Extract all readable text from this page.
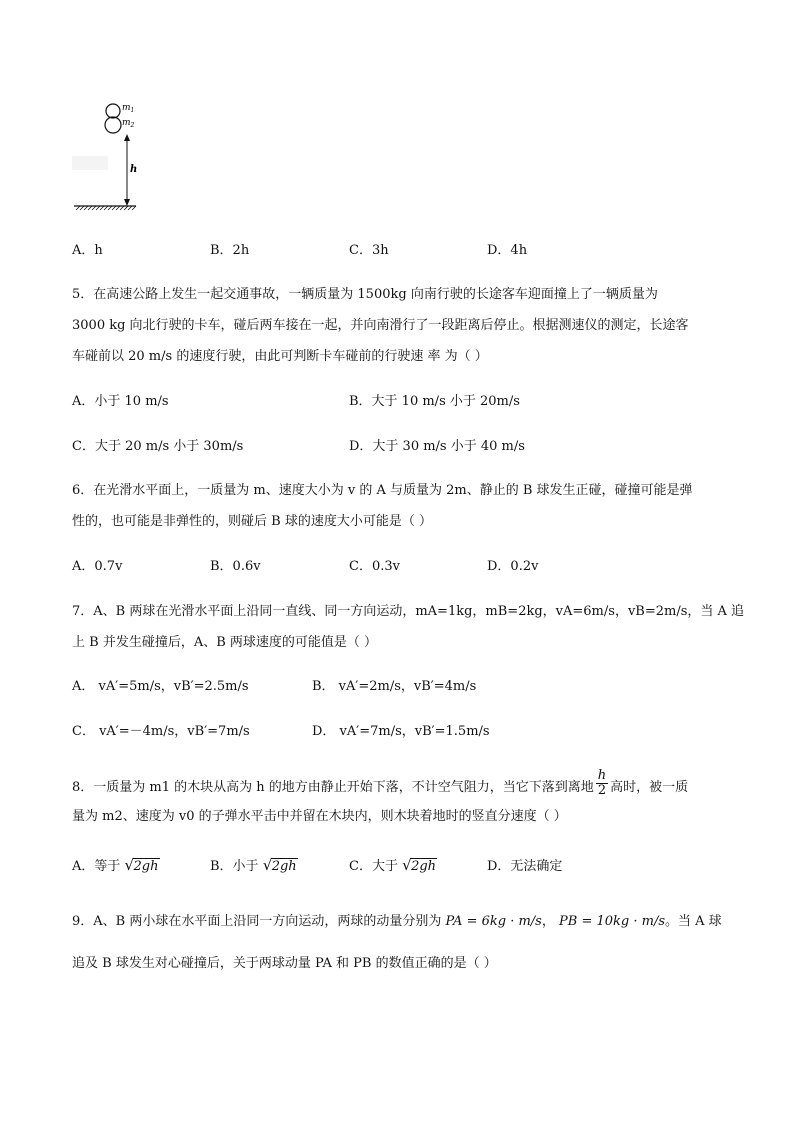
$m_1$
$m_2$
h
A．h	B．2h	C．3h	D．4h
5．在高速公路上发生一起交通事故，一辆质量为 1500kg 向南行驶的长途客车迎面撞上了一辆质量为
3000 kg 向北行驶的卡车，碰后两车接在一起，并向南滑行了一段距离后停止。根据测速仪的测定，长途客
车碰前以 20 m/s 的速度行驶，由此可判断卡车碰前的行驶速 率 为（ ）
A．小于 10 m/s	B．大于 10 m/s 小于 20m/s
C．大于 20 m/s 小于 30m/s	D．大于 30 m/s 小于 40 m/s
6．在光滑水平面上，一质量为 m、速度大小为 v 的 A 与质量为 2m、静止的 B 球发生正碰，碰撞可能是弹
性的，也可能是非弹性的，则碰后 B 球的速度大小可能是（ ）
A．0.7v	B．0.6v	C．0.3v	D．0.2v
7．A、B 两球在光滑水平面上沿同一直线、同一方向运动，mA=1kg，mB=2kg，vA=6m/s，vB=2m/s，当 A 追
上 B 并发生碰撞后，A、B 两球速度的可能值是（ ）
A． vA′=5m/s，vB′=2.5m/s	B． vA′=2m/s，vB′=4m/s
C． vA′=－4m/s，vB′=7m/s	D． vA′=7m/s，vB′=1.5m/s
8．一质量为 m1 的木块从高为 h 的地方由静止开始下落，不计空气阻力，当它下落到离地 $\frac{h}{2}$ 高时，被一质
量为 m2、速度为 v0 的子弹水平击中并留在木块内，则木块着地时的竖直分速度（ ）
A．等于 √ 2gh	B．小于 √ 2gh	C．大于 √ 2gh	D．无法确定
9．A、B 两小球在水平面上沿同一方向运动，两球的动量分别为 PA = 6kg · m/s， PB = 10kg · m/s。当 A 球
追及 B 球发生对心碰撞后，关于两球动量 PA 和 PB 的数值正确的是（ ）
